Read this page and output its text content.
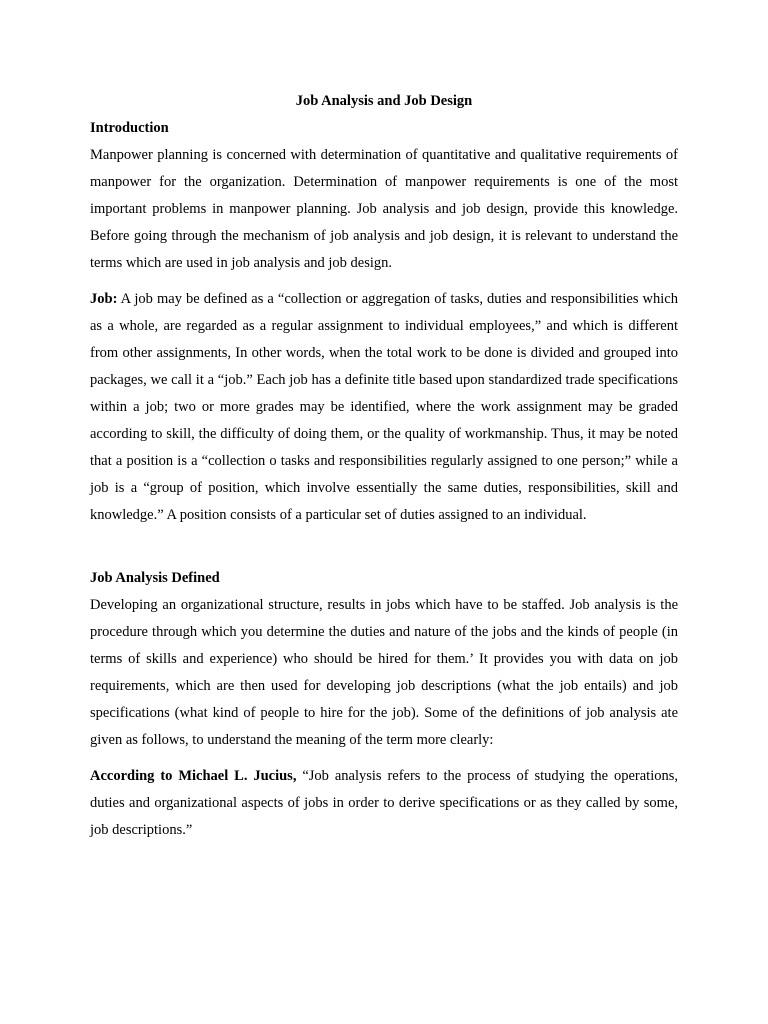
Job Analysis and Job Design

Introduction

Manpower planning is concerned with determination of quantitative and qualitative requirements of manpower for the organization. Determination of manpower requirements is one of the most important problems in manpower planning. Job analysis and job design, provide this knowledge. Before going through the mechanism of job analysis and job design, it is relevant to understand the terms which are used in job analysis and job design.

Job: A job may be defined as a “collection or aggregation of tasks, duties and responsibilities which as a whole, are regarded as a regular assignment to individual employees,” and which is different from other assignments, In other words, when the total work to be done is divided and grouped into packages, we call it a “job.” Each job has a definite title based upon standardized trade specifications within a job; two or more grades may be identified, where the work assignment may be graded according to skill, the difficulty of doing them, or the quality of workmanship. Thus, it may be noted that a position is a “collection o tasks and responsibilities regularly assigned to one person;” while a job is a “group of position, which involve essentially the same duties, responsibilities, skill and knowledge.” A position consists of a particular set of duties assigned to an individual.

Job Analysis Defined

Developing an organizational structure, results in jobs which have to be staffed. Job analysis is the procedure through which you determine the duties and nature of the jobs and the kinds of people (in terms of skills and experience) who should be hired for them.’ It provides you with data on job requirements, which are then used for developing job descriptions (what the job entails) and job specifications (what kind of people to hire for the job). Some of the definitions of job analysis ate given as follows, to understand the meaning of the term more clearly:

According to Michael L. Jucius, “Job analysis refers to the process of studying the operations, duties and organizational aspects of jobs in order to derive specifications or as they called by some, job descriptions.”
